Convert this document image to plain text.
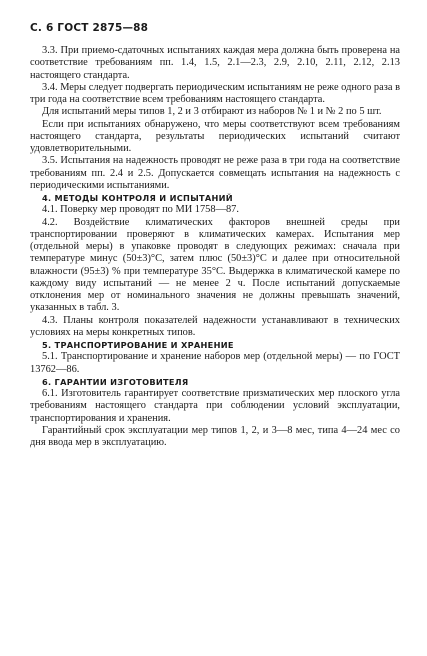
С. 6 ГОСТ 2875—88

3.3. При приемо-сдаточных испытаниях каждая мера должна быть проверена на соответствие требованиям пп. 1.4, 1.5, 2.1—2.3, 2.9, 2.10, 2.11, 2.12, 2.13 настоящего стандарта.

3.4. Меры следует подвергать периодическим испытаниям не реже одного раза в три года на соответствие всем требованиям настоящего стандарта.

Для испытаний меры типов 1, 2 и 3 отбирают из наборов № 1 и № 2 по 5 шт.

Если при испытаниях обнаружено, что меры соответствуют всем требованиям настоящего стандарта, результаты периодических испытаний считают удовлетворительными.

3.5. Испытания на надежность проводят не реже раза в три года на соответствие требованиям пп. 2.4 и 2.5. Допускается совмещать испытания на надежность с периодическими испытаниями.

4. МЕТОДЫ КОНТРОЛЯ И ИСПЫТАНИЙ

4.1. Поверку мер проводят по МИ 1758—87.

4.2. Воздействие климатических факторов внешней среды при транспортировании проверяют в климатических камерах. Испытания мер (отдельной меры) в упаковке проводят в следующих режимах: сначала при температуре минус (50±3)°С, затем плюс (50±3)°С и далее при относительной влажности (95±3) % при температуре 35°С. Выдержка в климатической камере по каждому виду испытаний — не менее 2 ч. После испытаний допускаемые отклонения мер от номинального значения не должны превышать значений, указанных в табл. 3.

4.3. Планы контроля показателей надежности устанавливают в технических условиях на меры конкретных типов.

5. ТРАНСПОРТИРОВАНИЕ И ХРАНЕНИЕ

5.1. Транспортирование и хранение наборов мер (отдельной меры) — по ГОСТ 13762—86.

6. ГАРАНТИИ ИЗГОТОВИТЕЛЯ

6.1. Изготовитель гарантирует соответствие призматических мер плоского угла требованиям настоящего стандарта при соблюдении условий эксплуатации, транспортирования и хранения.

Гарантийный срок эксплуатации мер типов 1, 2, и 3—8 мес, типа 4—24 мес со дня ввода мер в эксплуатацию.
